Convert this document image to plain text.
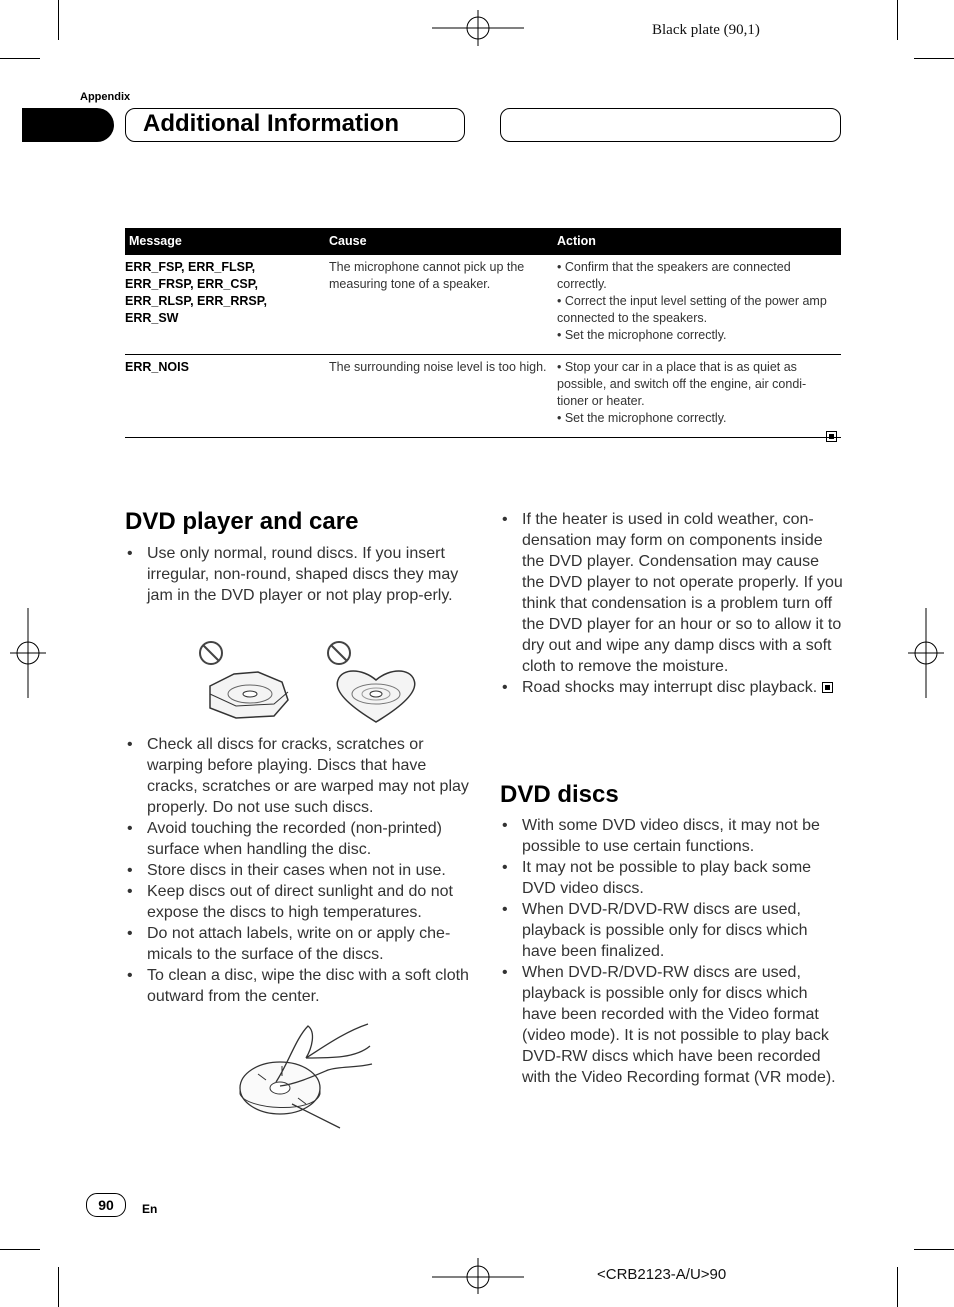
Black plate (90,1)
Appendix
Additional Information
Message	Cause	Action
ERR_FSP, ERR_FLSP, ERR_FRSP, ERR_CSP, ERR_RLSP, ERR_RRSP, ERR_SW	The microphone cannot pick up the measuring tone of a speaker.	• Confirm that the speakers are connected correctly.
• Correct the input level setting of the power amp connected to the speakers.
• Set the microphone correctly.

ERR_NOIS	The surrounding noise level is too high.	• Stop your car in a place that is as quiet as possible, and switch off the engine, air condi-tioner or heater.
• Set the microphone correctly.
DVD player and care
• Use only normal, round discs. If you insert irregular, non-round, shaped discs they may jam in the DVD player or not play prop-erly.
• Check all discs for cracks, scratches or warping before playing. Discs that have cracks, scratches or are warped may not play properly. Do not use such discs.
• Avoid touching the recorded (non-printed) surface when handling the disc.
• Store discs in their cases when not in use.
• Keep discs out of direct sunlight and do not expose the discs to high temperatures.
• Do not attach labels, write on or apply che-micals to the surface of the discs.
• To clean a disc, wipe the disc with a soft cloth outward from the center.
• If the heater is used in cold weather, con-densation may form on components inside the DVD player. Condensation may cause the DVD player to not operate properly. If you think that condensation is a problem turn off the DVD player for an hour or so to allow it to dry out and wipe any damp discs with a soft cloth to remove the moisture.
• Road shocks may interrupt disc playback.
DVD discs
• With some DVD video discs, it may not be possible to use certain functions.
• It may not be possible to play back some DVD video discs.
• When DVD-R/DVD-RW discs are used, playback is possible only for discs which have been finalized.
• When DVD-R/DVD-RW discs are used, playback is possible only for discs which have been recorded with the Video format (video mode). It is not possible to play back DVD-RW discs which have been recorded with the Video Recording format (VR mode).
90	En
<CRB2123-A/U>90
